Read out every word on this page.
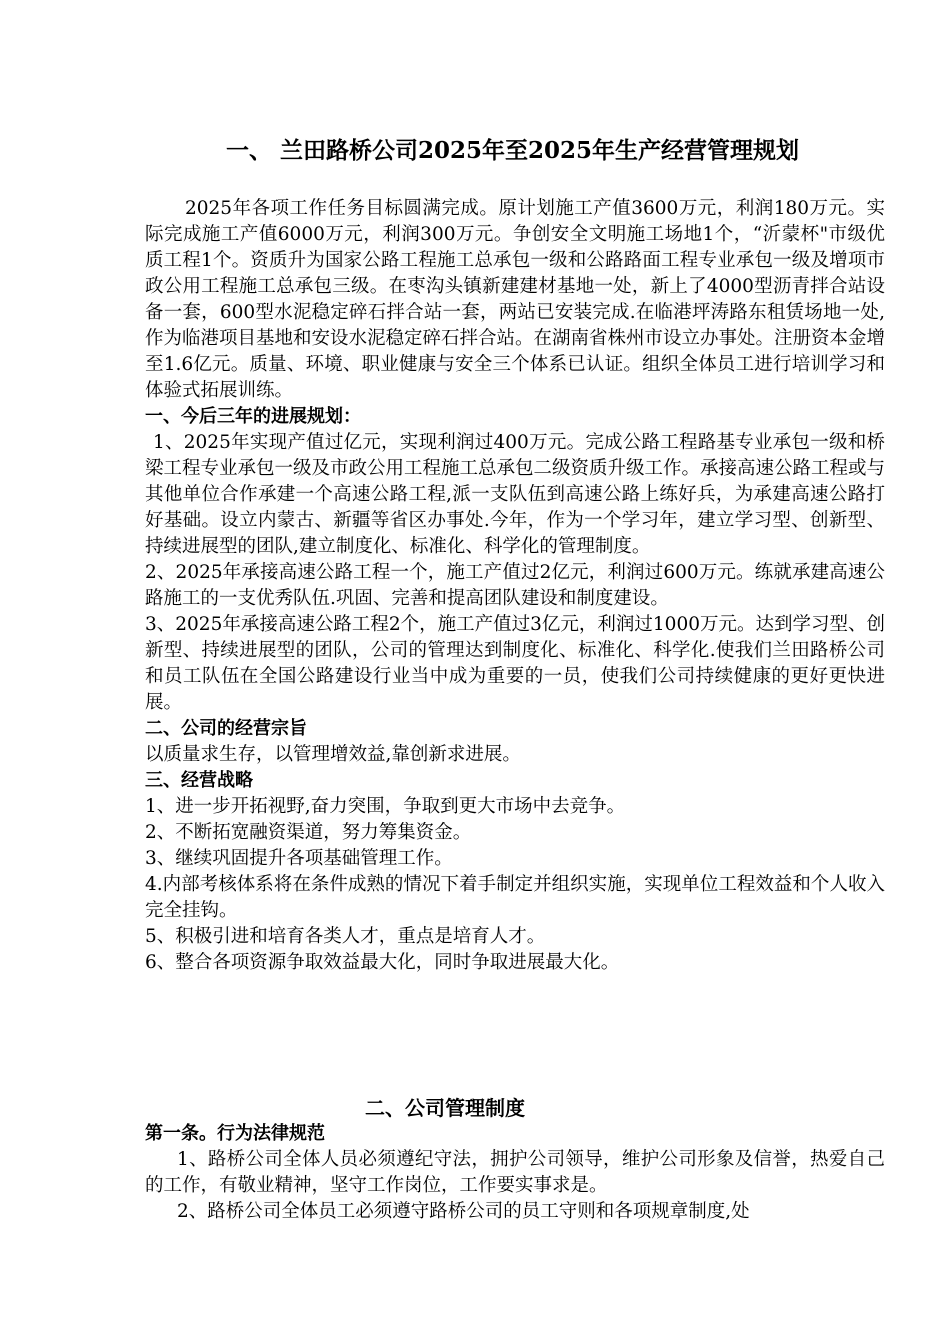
一、 兰田路桥公司2025年至2025年生产经营管理规划

2025年各项工作任务目标圆满完成。原计划施工产值3600万元，利润180万元。实际完成施工产值6000万元，利润300万元。争创安全文明施工场地1个，“沂蒙杯"市级优质工程1个。资质升为国家公路工程施工总承包一级和公路路面工程专业承包一级及增项市政公用工程施工总承包三级。在枣沟头镇新建建材基地一处，新上了4000型沥青拌合站设备一套，600型水泥稳定碎石拌合站一套，两站已安装完成.在临港坪涛路东租赁场地一处,作为临港项目基地和安设水泥稳定碎石拌合站。在湖南省株州市设立办事处。注册资本金增至1.6亿元。质量、环境、职业健康与安全三个体系已认证。组织全体员工进行培训学习和体验式拓展训练。

一、今后三年的进展规划：

1、2025年实现产值过亿元，实现利润过400万元。完成公路工程路基专业承包一级和桥梁工程专业承包一级及市政公用工程施工总承包二级资质升级工作。承接高速公路工程或与其他单位合作承建一个高速公路工程,派一支队伍到高速公路上练好兵，为承建高速公路打好基础。设立内蒙古、新疆等省区办事处.今年，作为一个学习年，建立学习型、创新型、持续进展型的团队,建立制度化、标准化、科学化的管理制度。

2、2025年承接高速公路工程一个，施工产值过2亿元，利润过600万元。练就承建高速公路施工的一支优秀队伍.巩固、完善和提高团队建设和制度建设。

3、2025年承接高速公路工程2个，施工产值过3亿元，利润过1000万元。达到学习型、创新型、持续进展型的团队，公司的管理达到制度化、标准化、科学化.使我们兰田路桥公司和员工队伍在全国公路建设行业当中成为重要的一员，使我们公司持续健康的更好更快进展。

二、公司的经营宗旨

以质量求生存，以管理增效益,靠创新求进展。

三、经营战略

1、进一步开拓视野,奋力突围，争取到更大市场中去竞争。

2、不断拓宽融资渠道，努力筹集资金。

3、继续巩固提升各项基础管理工作。

4.内部考核体系将在条件成熟的情况下着手制定并组织实施，实现单位工程效益和个人收入完全挂钩。

5、积极引进和培育各类人才，重点是培育人才。

6、整合各项资源争取效益最大化，同时争取进展最大化。

二、公司管理制度

第一条。行为法律规范

1、路桥公司全体人员必须遵纪守法，拥护公司领导，维护公司形象及信誉，热爱自己的工作，有敬业精神，坚守工作岗位，工作要实事求是。

2、路桥公司全体员工必须遵守路桥公司的员工守则和各项规章制度,处
